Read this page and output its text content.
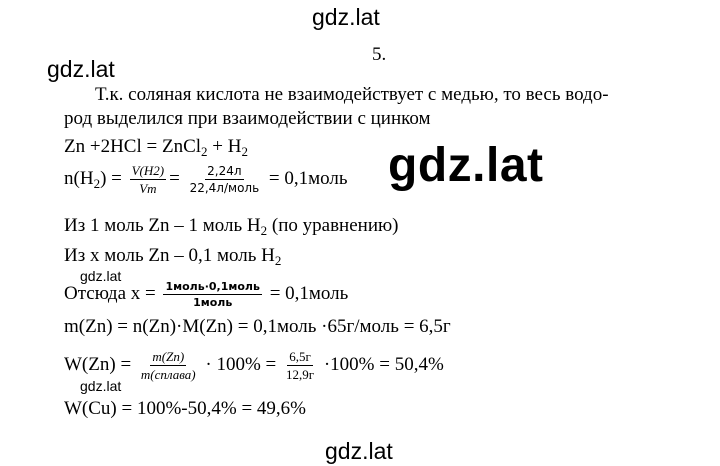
gdz.lat
gdz.lat
gdz.lat
gdz.lat
gdz.lat
gdz.lat
5.
Т.к. соляная кислота не взаимодействует с медью, то весь водо-
род выделился при взаимодействии с цинком
Zn +2HCl = ZnCl$_2$ + $H_2$
$n(H_2) = \frac{V(H2)}{Vm} = \frac{2,24л}{\text{22,4л/моль}}$ = 0,1моль
Из 1 моль Zn – 1 моль $H_2$ (по уравнению)
Из x моль Zn – 0,1 моль $H_2$
Отсюда $x = \frac{\text{1моль·0,1моль}}{\text{1моль}}$ = 0,1моль
m(Zn) = n(Zn)·M(Zn) = 0,1моль ·65г/моль = 6,5г
$W(Zn) = \frac{m(Zn)}{\text{m(сплава)}} \cdot 100\% = \frac{6,5г}{12,9г} \cdot 100\% = 50,4\%$
W(Cu) = 100%-50,4% = 49,6%
